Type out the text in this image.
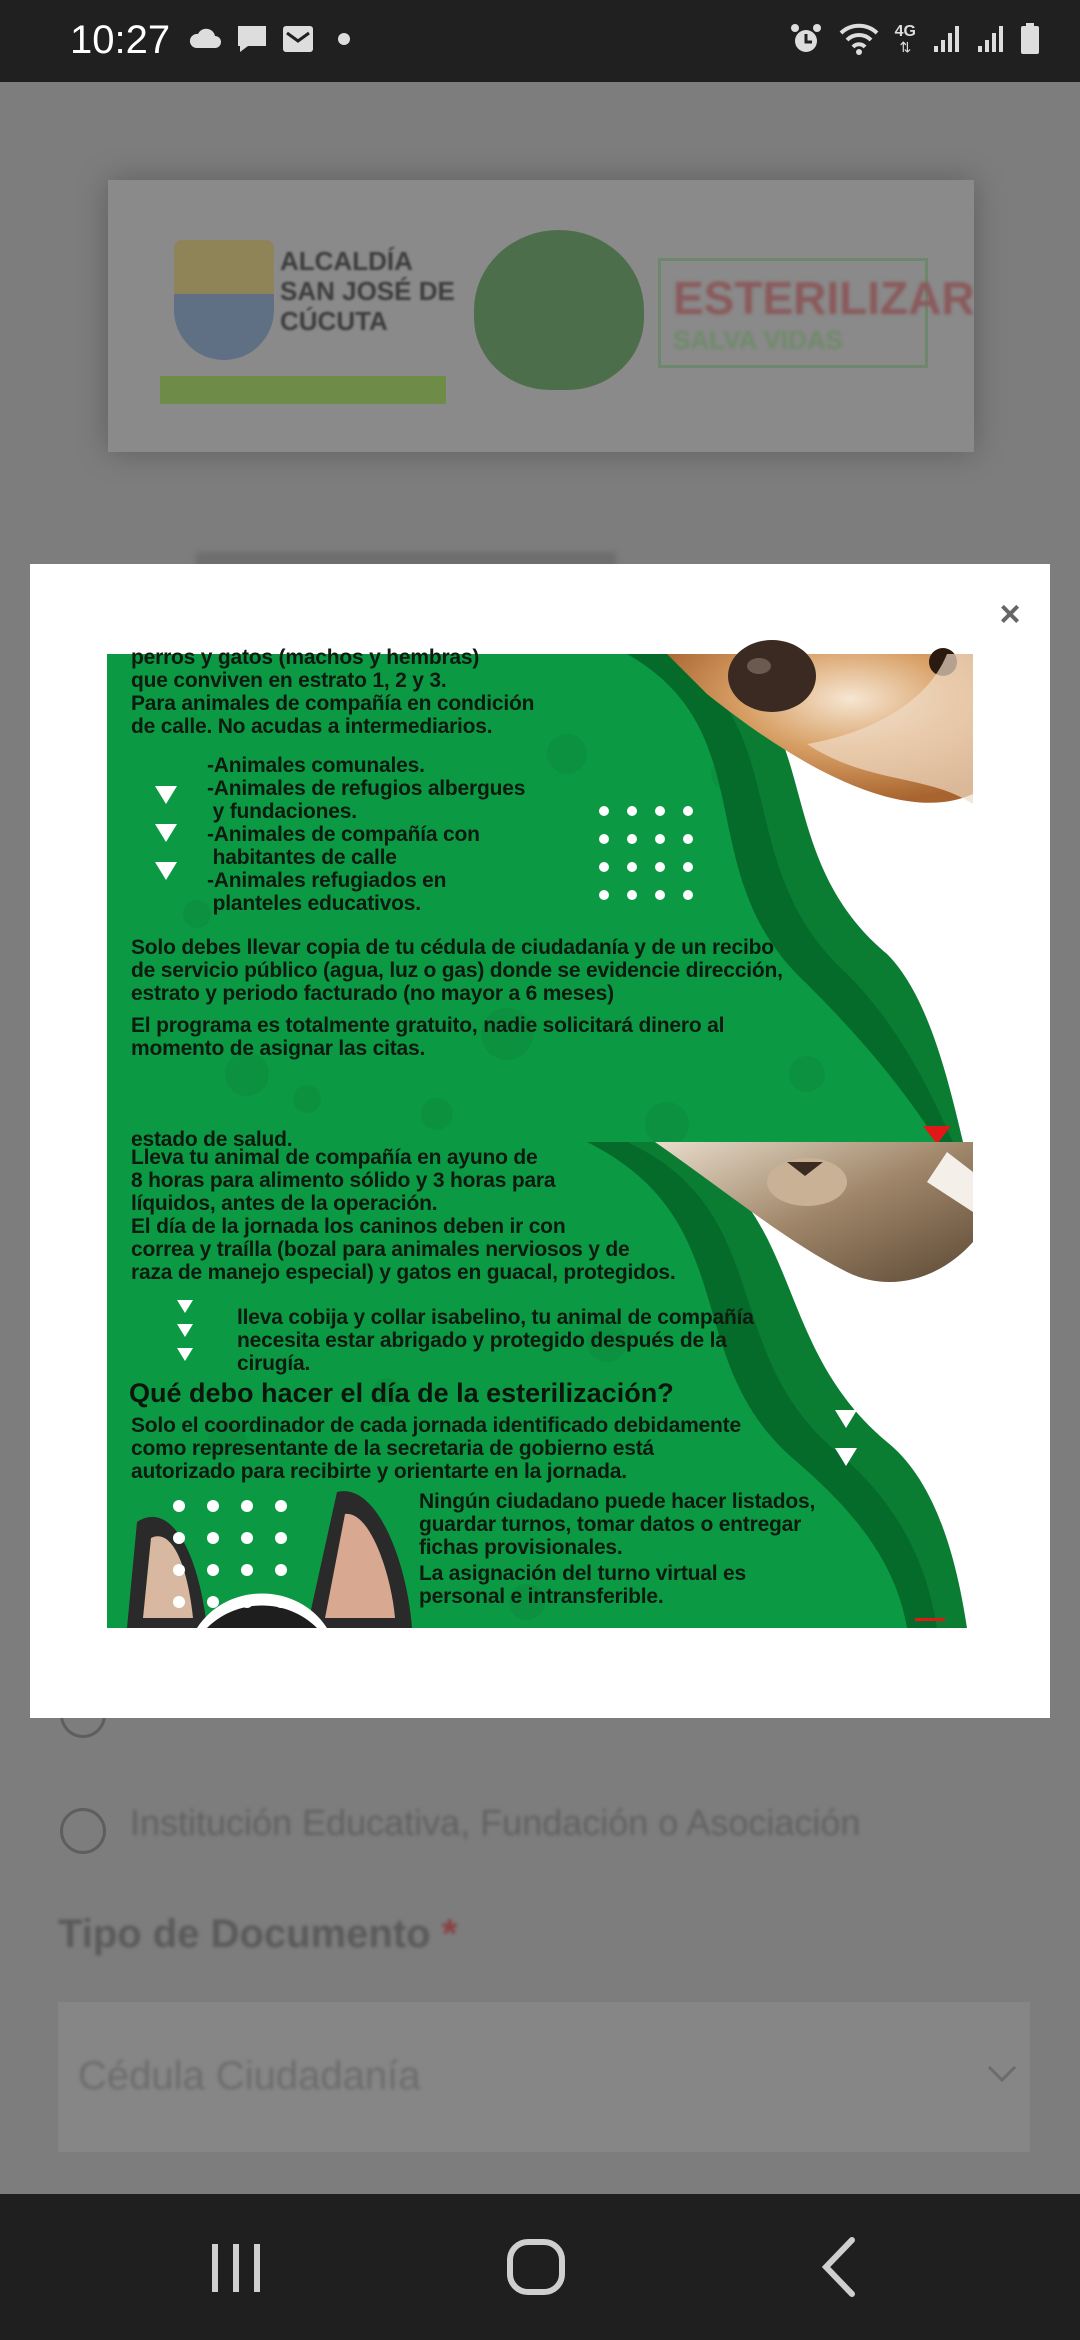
10:27	4G
⇅
ALCALDÍA
SAN JOSÉ DE
CÚCUTA	ESTERILIZAR
SALVA VIDAS
Institución Educativa, Fundación o Asociación
Tipo de Documento *
Cédula Ciudadanía
×
perros y gatos (machos y hembras)
que conviven en estrato 1, 2 y 3.
Para animales de compañía en condición
de calle. No acudas a intermediarios.
-Animales comunales.
-Animales de refugios albergues
y fundaciones.
-Animales de compañía con
habitantes de calle
-Animales refugiados en
planteles educativos.
Solo debes llevar copia de tu cédula de ciudadanía y de un recibo
de servicio público (agua, luz o gas) donde se evidencie dirección,
estrato y periodo facturado (no mayor a 6 meses)
El programa es totalmente gratuito, nadie solicitará dinero al
momento de asignar las citas.
estado de salud.
Lleva tu animal de compañía en ayuno de
8 horas para alimento sólido y 3 horas para
líquidos, antes de la operación.
El día de la jornada los caninos deben ir con
correa y traílla (bozal para animales nerviosos y de
raza de manejo especial) y gatos en guacal, protegidos.
lleva cobija y collar isabelino, tu animal de compañía
necesita estar abrigado y protegido después de la
cirugía.
Qué debo hacer el día de la esterilización?
Solo el coordinador de cada jornada identificado debidamente
como representante de la secretaria de gobierno está
autorizado para recibirte y orientarte en la jornada.
Ningún ciudadano puede hacer listados,
guardar turnos, tomar datos o entregar
fichas provisionales.
La asignación del turno virtual es
personal e intransferible.
